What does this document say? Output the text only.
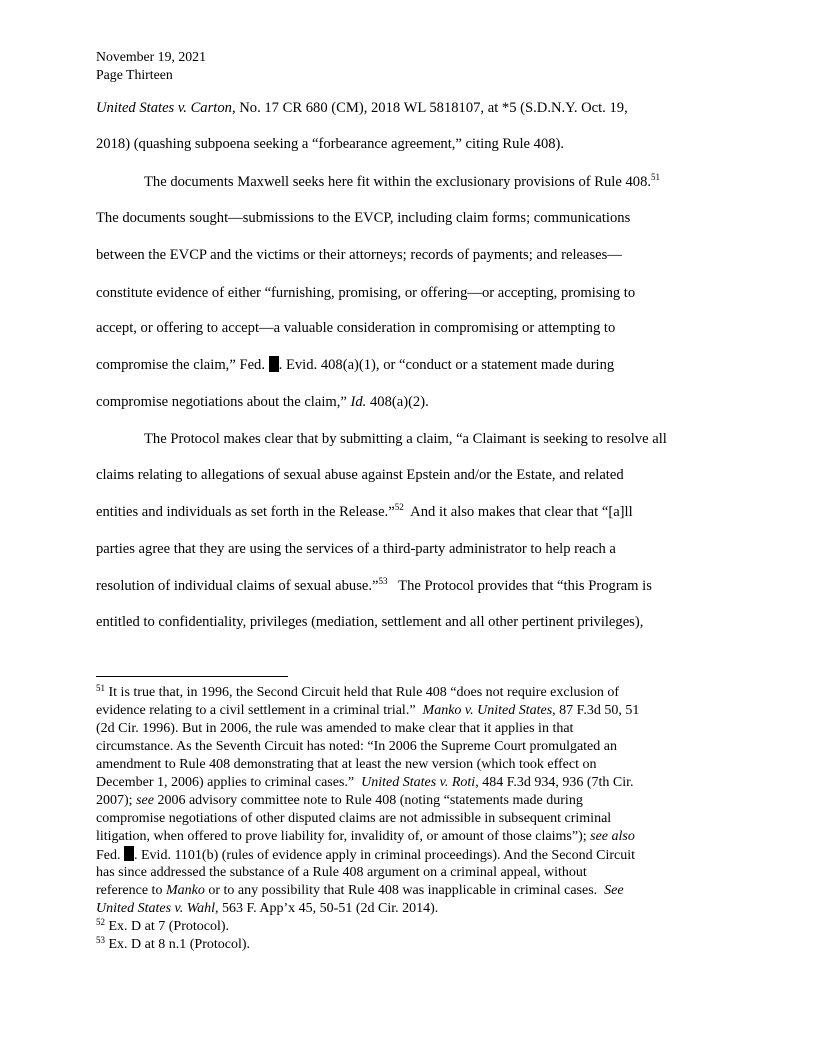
November 19, 2021
Page Thirteen
United States v. Carton, No. 17 CR 680 (CM), 2018 WL 5818107, at *5 (S.D.N.Y. Oct. 19,
2018) (quashing subpoena seeking a “forbearance agreement,” citing Rule 408).
The documents Maxwell seeks here fit within the exclusionary provisions of Rule 408.51
The documents sought—submissions to the EVCP, including claim forms; communications
between the EVCP and the victims or their attorneys; records of payments; and releases—
constitute evidence of either “furnishing, promising, or offering—or accepting, promising to
accept, or offering to accept—a valuable consideration in compromising or attempting to
compromise the claim,” Fed. . Evid. 408(a)(1), or “conduct or a statement made during
compromise negotiations about the claim,” Id. 408(a)(2).
The Protocol makes clear that by submitting a claim, “a Claimant is seeking to resolve all
claims relating to allegations of sexual abuse against Epstein and/or the Estate, and related
entities and individuals as set forth in the Release.”$^{52}$  And it also makes that clear that “[a]ll
parties agree that they are using the services of a third-party administrator to help reach a
resolution of individual claims of sexual abuse.”$^{53}$   The Protocol provides that “this Program is
entitled to confidentiality, privileges (mediation, settlement and all other pertinent privileges),
$^{51}$ It is true that, in 1996, the Second Circuit held that Rule 408 “does not require exclusion of
evidence relating to a civil settlement in a criminal trial.”  Manko v. United States, 87 F.3d 50, 51
(2d Cir. 1996). But in 2006, the rule was amended to make clear that it applies in that
circumstance. As the Seventh Circuit has noted: “In 2006 the Supreme Court promulgated an
amendment to Rule 408 demonstrating that at least the new version (which took effect on
December 1, 2006) applies to criminal cases.”  United States v. Roti, 484 F.3d 934, 936 (7th Cir.
2007); see 2006 advisory committee note to Rule 408 (noting “statements made during
compromise negotiations of other disputed claims are not admissible in subsequent criminal
litigation, when offered to prove liability for, invalidity of, or amount of those claims”); see also
Fed. . Evid. 1101(b) (rules of evidence apply in criminal proceedings). And the Second Circuit
has since addressed the substance of a Rule 408 argument on a criminal appeal, without
reference to Manko or to any possibility that Rule 408 was inapplicable in criminal cases.  See
United States v. Wahl, 563 F. App’x 45, 50-51 (2d Cir. 2014).
$^{52}$ Ex. D at 7 (Protocol).
$^{53}$ Ex. D at 8 n.1 (Protocol).
